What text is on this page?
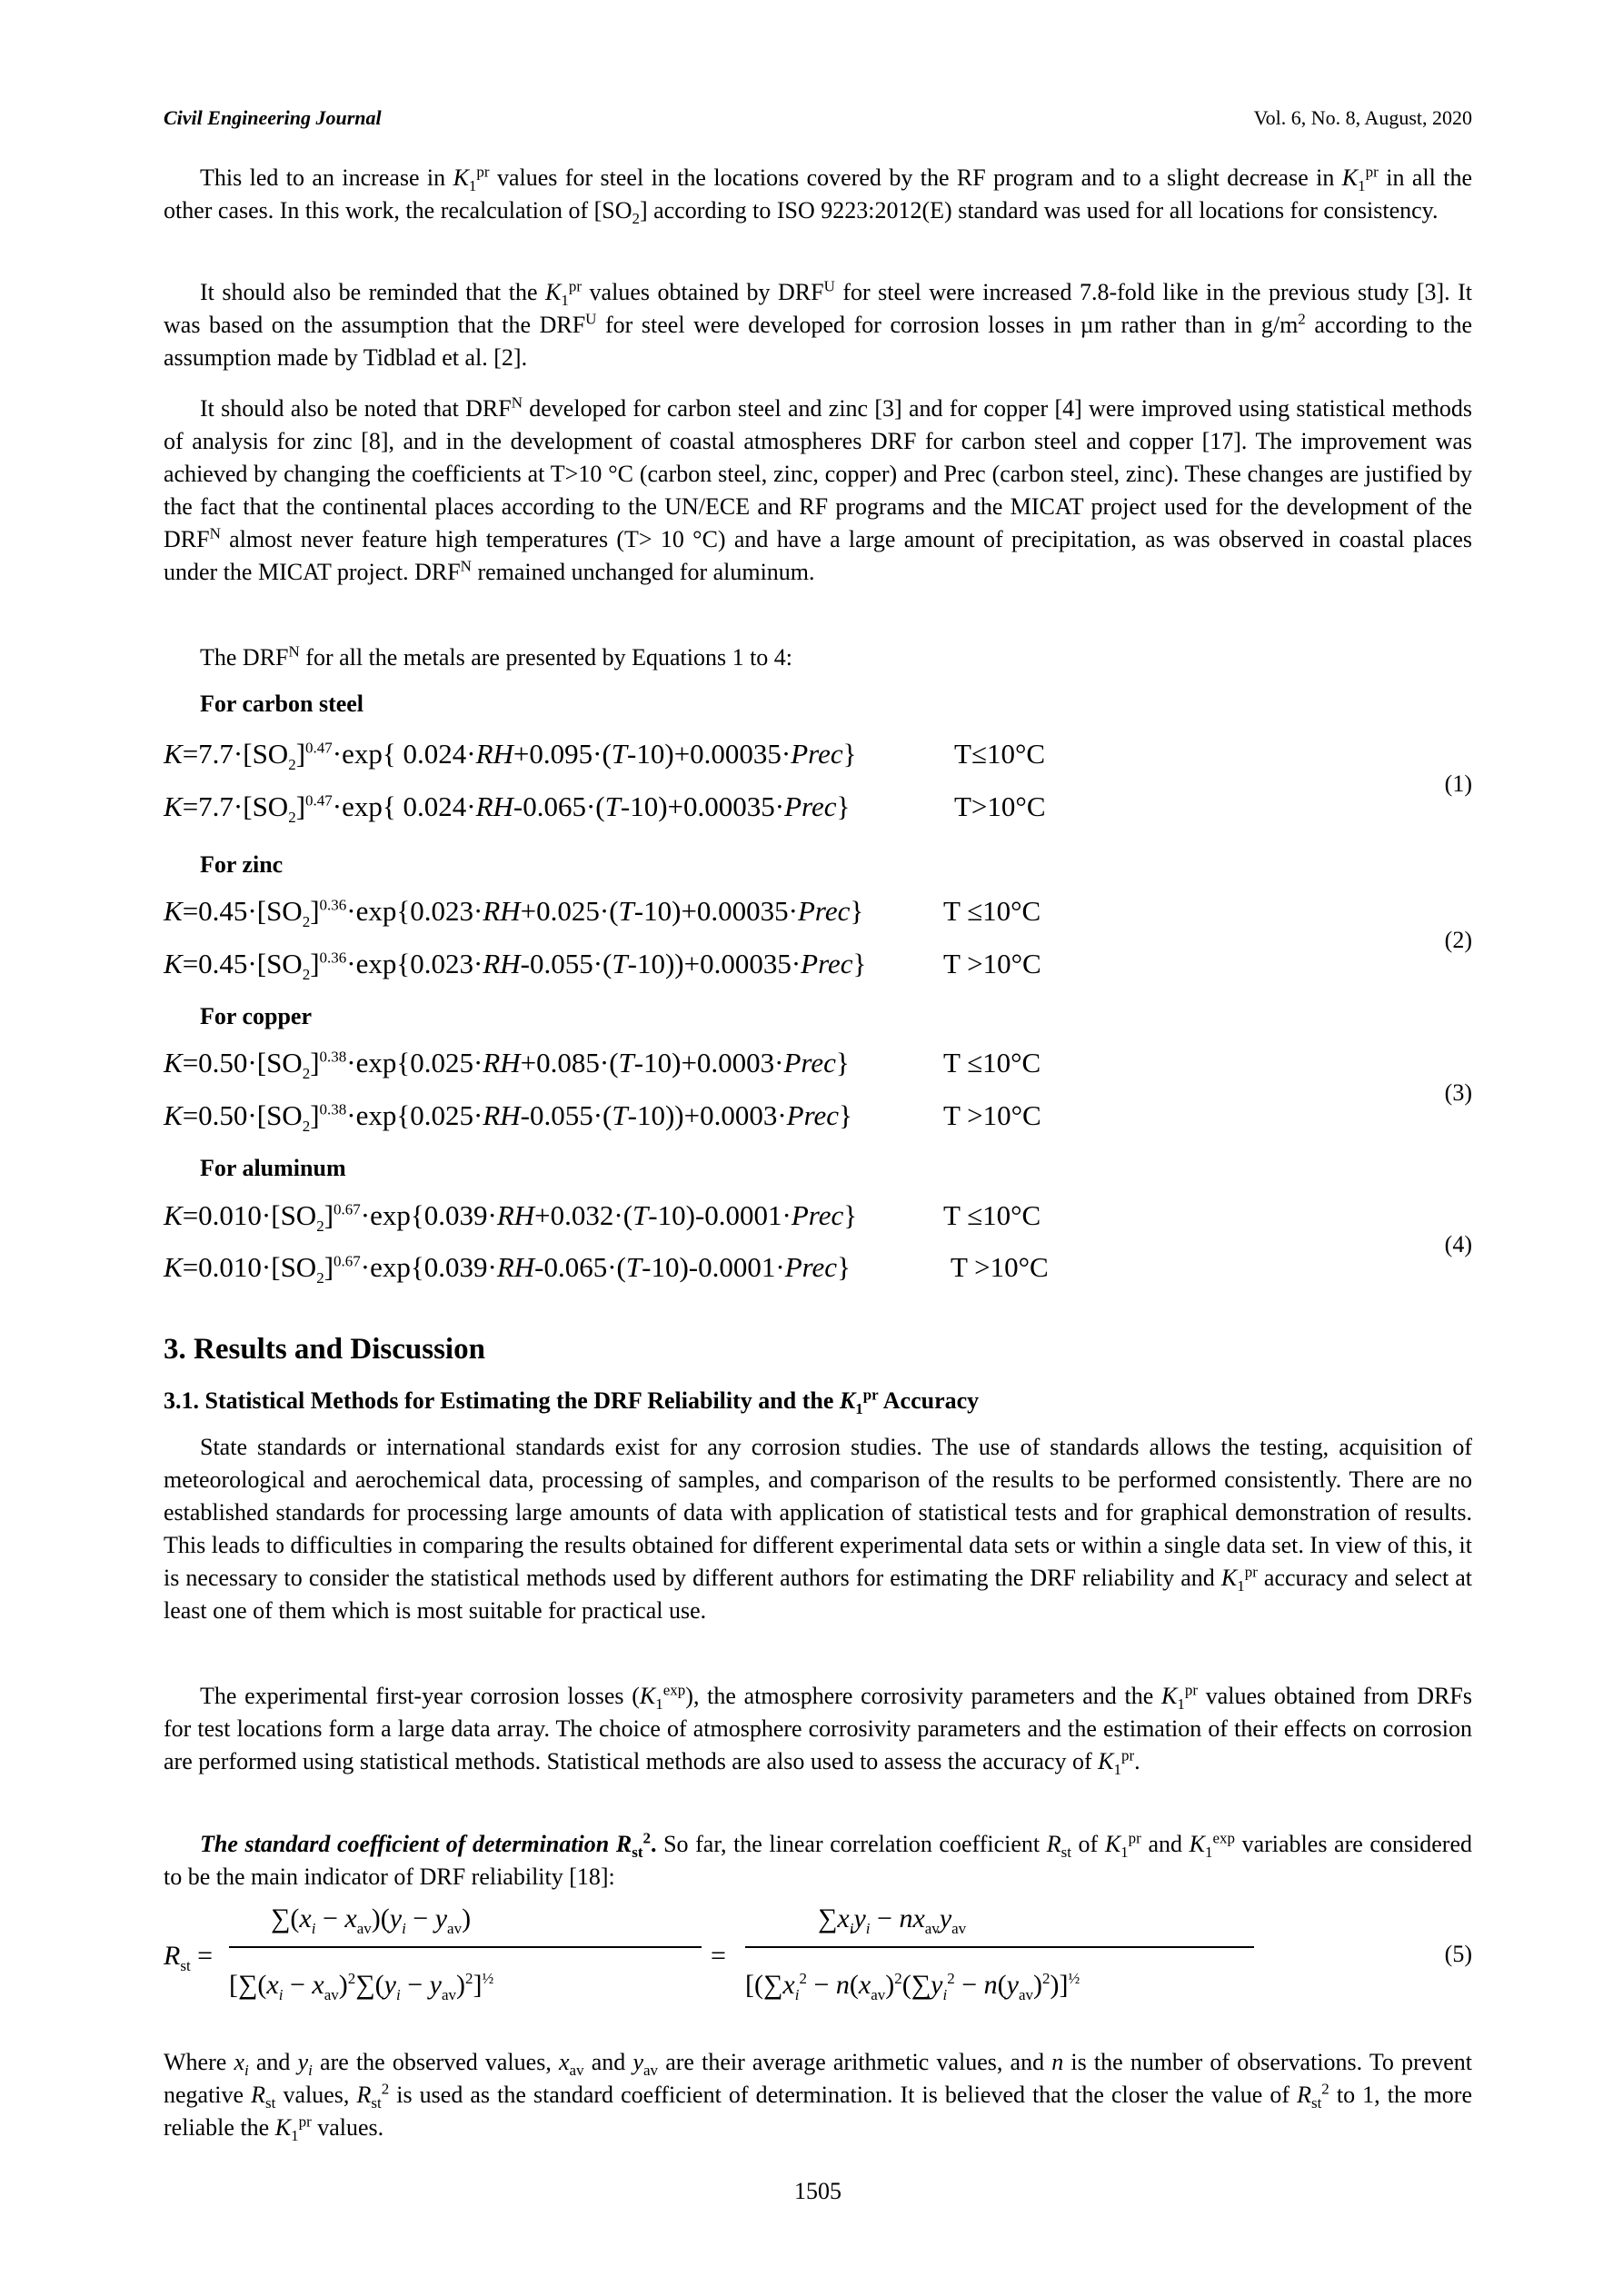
Civil Engineering Journal	Vol. 6, No. 8, August, 2020

This led to an increase in $K_1^{pr}$ values for steel in the locations covered by the RF program and to a slight decrease in $K_1^{pr}$ in all the other cases. In this work, the recalculation of $[SO_2]$ according to ISO 9223:2012(E) standard was used for all locations for consistency.

It should also be reminded that the $K_1^{pr}$ values obtained by $DRF^U$ for steel were increased 7.8-fold like in the previous study [3]. It was based on the assumption that the $DRF^U$ for steel were developed for corrosion losses in µm rather than in $g/m^2$ according to the assumption made by Tidblad et al. [2].

It should also be noted that $DRF^N$ developed for carbon steel and zinc [3] and for copper [4] were improved using statistical methods of analysis for zinc [8], and in the development of coastal atmospheres DRF for carbon steel and copper [17]. The improvement was achieved by changing the coefficients at T>10 °C (carbon steel, zinc, copper) and Prec (carbon steel, zinc). These changes are justified by the fact that the continental places according to the UN/ECE and RF programs and the MICAT project used for the development of the $DRF^N$ almost never feature high temperatures (T> 10 °C) and have a large amount of precipitation, as was observed in coastal places under the MICAT project. $DRF^N$ remained unchanged for aluminum.

The $DRF^N$ for all the metals are presented by Equations 1 to 4:

For carbon steel
$K=7.7\cdot[SO_2]^{0.47}\cdot\exp${ 0.024·RH+0.095·(T-10)+0.00035·Prec}	T≤10°C
$K=7.7\cdot[SO_2]^{0.47}\cdot\exp${ 0.024·RH-0.065·(T-10)+0.00035·Prec}	T>10°C
(1)
For zinc
$K=0.45\cdot[SO_2]^{0.36}\cdot\exp\{0.023\cdot RH+0.025\cdot(T-10)+0.00035\cdot Prec\}$	T ≤10°C
$K=0.45\cdot[SO_2]^{0.36}\cdot\exp\{0.023\cdot RH-0.055\cdot(T-10))+0.00035\cdot Prec$}	T >10°C
(2)
For copper
$K=0.50\cdot[SO_2]^{0.38}\cdot\exp\{0.025\cdot RH+0.085\cdot(T-10)+0.0003\cdot Prec\}$	T ≤10°C
$K=0.50\cdot[SO_2]^{0.38}\cdot\exp\{0.025\cdot RH-0.055\cdot(T-10))+0.0003\cdot Prec$}	T >10°C
(3)
For aluminum
$K=0.010\cdot[SO_2]^{0.67}\cdot\exp\{0.039\cdot RH+0.032\cdot(T-10)-0.0001\cdot Prec\}$	T ≤10°C
$K=0.010\cdot[SO_2]^{0.67}\cdot\exp\{0.039\cdot RH-0.065\cdot(T-10)-0.0001\cdot Prec\}$	T >10°C
(4)
3. Results and Discussion
3.1. Statistical Methods for Estimating the DRF Reliability and the $K_1^{pr}$ Accuracy

State standards or international standards exist for any corrosion studies. The use of standards allows the testing, acquisition of meteorological and aerochemical data, processing of samples, and comparison of the results to be performed consistently. There are no established standards for processing large amounts of data with application of statistical tests and for graphical demonstration of results. This leads to difficulties in comparing the results obtained for different experimental data sets or within a single data set. In view of this, it is necessary to consider the statistical methods used by different authors for estimating the DRF reliability and $K_1^{pr}$ accuracy and select at least one of them which is most suitable for practical use.

The experimental first-year corrosion losses $(K_1^{exp})$, the atmosphere corrosivity parameters and the $K_1^{pr}$ values obtained from DRFs for test locations form a large data array. The choice of atmosphere corrosivity parameters and the estimation of their effects on corrosion are performed using statistical methods. Statistical methods are also used to assess the accuracy of $K_1^{pr}$.

The standard coefficient of determination $R_{st}^2$. So far, the linear correlation coefficient $R_{st}$ of $K_1^{pr}$ and $K_1^{exp}$ variables are considered to be the main indicator of DRF reliability [18]:

$R_{st}$ =
$\sum(x_i - x_{av})(y_i - y_{av})$
$[\sum(x_i - x_{av})^2\sum(y_i - y_{av})^2]^{\frac{1}{2}}$
=
$\sum x_iy_i - nx_{av}y_{av}$
[$(\sum x_i^2 - n(x_{av})^2(\sum y_i^2 - n(y_{av})^2)]^{\frac{1}{2}}$
(5)

Where $x_i$ and $y_i$ are the observed values, $x_{av}$ and $y_{av}$ are their average arithmetic values, and n is the number of observations. To prevent negative $R_{st}$ values, $R_{st}^2$ is used as the standard coefficient of determination. It is believed that the closer the value of $R_{st}^2$ to 1, the more reliable the $K_1^{pr}$ values.

1505
